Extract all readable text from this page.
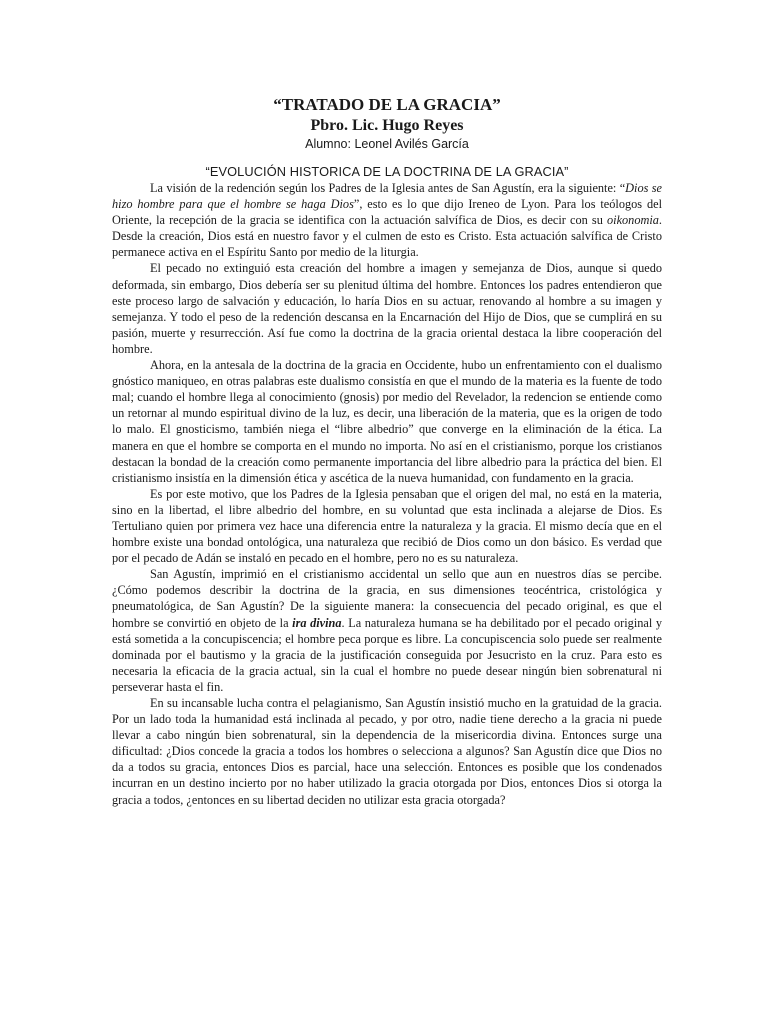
“TRATADO DE LA GRACIA”

Pbro. Lic. Hugo Reyes

Alumno: Leonel Avilés García

“EVOLUCIÓN HISTORICA DE LA DOCTRINA DE LA GRACIA”

La visión de la redención según los Padres de la Iglesia antes de San Agustín, era la siguiente: “Dios se hizo hombre para que el hombre se haga Dios”, esto es lo que dijo Ireneo de Lyon. Para los teólogos del Oriente, la recepción de la gracia se identifica con la actuación salvífica de Dios, es decir con su oikonomia. Desde la creación, Dios está en nuestro favor y el culmen de esto es Cristo. Esta actuación salvífica de Cristo permanece activa en el Espíritu Santo por medio de la liturgia.

El pecado no extinguió esta creación del hombre a imagen y semejanza de Dios, aunque si quedo deformada, sin embargo, Dios debería ser su plenitud última del hombre. Entonces los padres entendieron que este proceso largo de salvación y educación, lo haría Dios en su actuar, renovando al hombre a su imagen y semejanza. Y todo el peso de la redención descansa en la Encarnación del Hijo de Dios, que se cumplirá en su pasión, muerte y resurrección. Así fue como la doctrina de la gracia oriental destaca la libre cooperación del hombre.

Ahora, en la antesala de la doctrina de la gracia en Occidente, hubo un enfrentamiento con el dualismo gnóstico maniqueo, en otras palabras este dualismo consistía en que el mundo de la materia es la fuente de todo mal; cuando el hombre llega al conocimiento (gnosis) por medio del Revelador, la redencion se entiende como un retornar al mundo espiritual divino de la luz, es decir, una liberación de la materia, que es la origen de todo lo malo. El gnosticismo, también niega el “libre albedrio” que converge en la eliminación de la ética. La manera en que el hombre se comporta en el mundo no importa. No así en el cristianismo, porque los cristianos destacan la bondad de la creación como permanente importancia del libre albedrio para la práctica del bien. El cristianismo insistía en la dimensión ética y ascética de la nueva humanidad, con fundamento en la gracia.

Es por este motivo, que los Padres de la Iglesia pensaban que el origen del mal, no está en la materia, sino en la libertad, el libre albedrio del hombre, en su voluntad que esta inclinada a alejarse de Dios. Es Tertuliano quien por primera vez hace una diferencia entre la naturaleza y la gracia. El mismo decía que en el hombre existe una bondad ontológica, una naturaleza que recibió de Dios como un don básico. Es verdad que por el pecado de Adán se instaló en pecado en el hombre, pero no es su naturaleza.

San Agustín, imprimió en el cristianismo accidental un sello que aun en nuestros días se percibe. ¿Cómo podemos describir la doctrina de la gracia, en sus dimensiones teocéntrica, cristológica y pneumatológica, de San Agustín? De la siguiente manera: la consecuencia del pecado original, es que el hombre se convirtió en objeto de la ira divina. La naturaleza humana se ha debilitado por el pecado original y está sometida a la concupiscencia; el hombre peca porque es libre. La concupiscencia solo puede ser realmente dominada por el bautismo y la gracia de la justificación conseguida por Jesucristo en la cruz. Para esto es necesaria la eficacia de la gracia actual, sin la cual el hombre no puede desear ningún bien sobrenatural ni perseverar hasta el fin.

En su incansable lucha contra el pelagianismo, San Agustín insistió mucho en la gratuidad de la gracia. Por un lado toda la humanidad está inclinada al pecado, y por otro, nadie tiene derecho a la gracia ni puede llevar a cabo ningún bien sobrenatural, sin la dependencia de la misericordia divina. Entonces surge una dificultad: ¿Dios concede la gracia a todos los hombres o selecciona a algunos? San Agustín dice que Dios no da a todos su gracia, entonces Dios es parcial, hace una selección. Entonces es posible que los condenados incurran en un destino incierto por no haber utilizado la gracia otorgada por Dios, entonces Dios si otorga la gracia a todos, ¿entonces en su libertad deciden no utilizar esta gracia otorgada?
